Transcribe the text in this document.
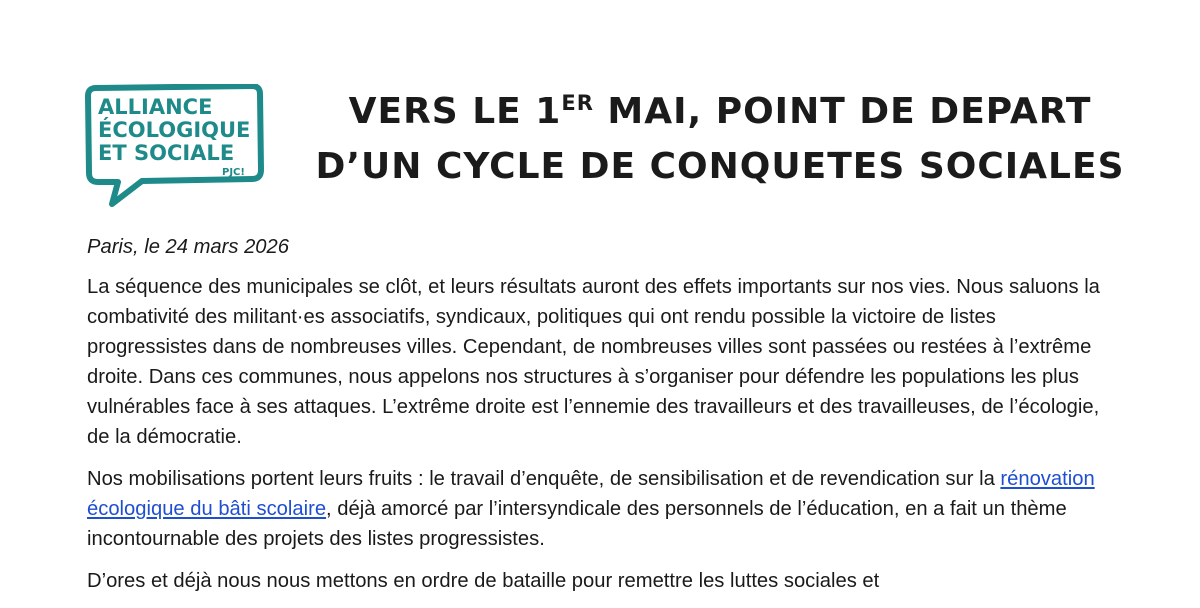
ALLIANCE
ÉCOLOGIQUE
ET SOCIALE
PJC!
VERS LE 1ER MAI, POINT DE DEPART
D’UN CYCLE DE CONQUETES SOCIALES

Paris, le 24 mars 2026

La séquence des municipales se clôt, et leurs résultats auront des effets importants sur nos vies. Nous saluons la combativité des militant·es associatifs, syndicaux, politiques qui ont rendu possible la victoire de listes progressistes dans de nombreuses villes. Cependant, de nombreuses villes sont passées ou restées à l’extrême droite. Dans ces communes, nous appelons nos structures à s’organiser pour défendre les populations les plus vulnérables face à ses attaques. L’extrême droite est l’ennemie des travailleurs et des travailleuses, de l’écologie, de la démocratie.

Nos mobilisations portent leurs fruits : le travail d’enquête, de sensibilisation et de revendication sur la rénovation écologique du bâti scolaire, déjà amorcé par l’intersyndicale des personnels de l’éducation, en a fait un thème incontournable des projets des listes progressistes.

D’ores et déjà nous nous mettons en ordre de bataille pour remettre les luttes sociales et
